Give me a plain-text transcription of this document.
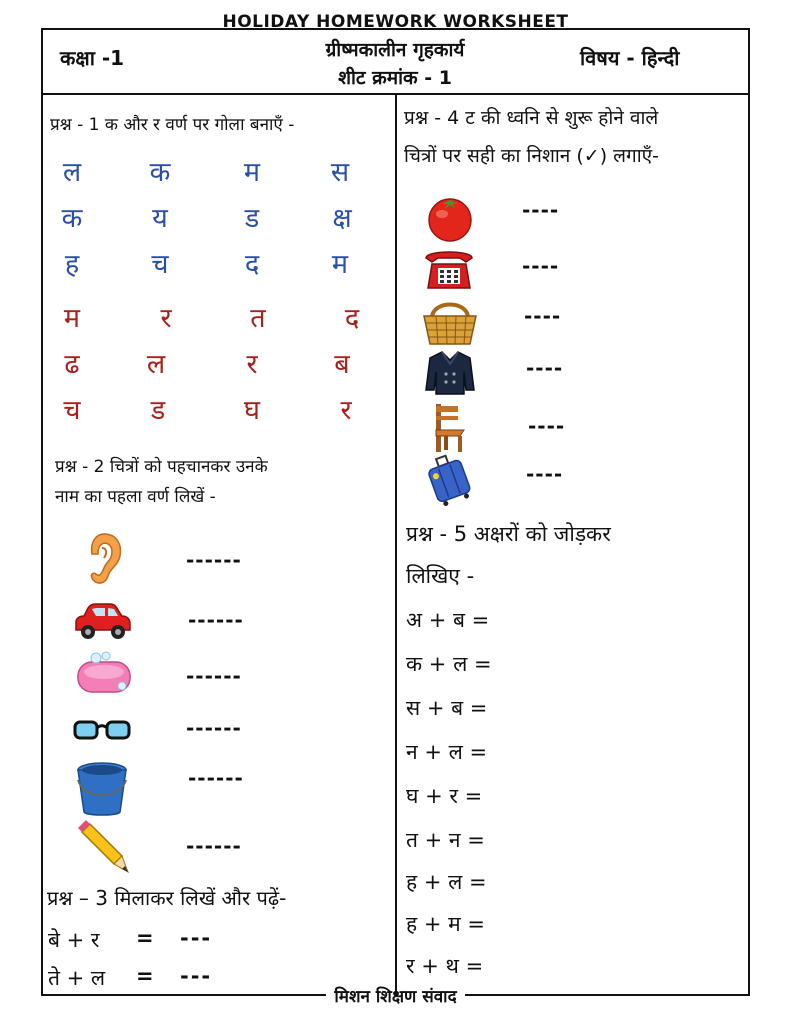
HOLIDAY HOMEWORK WORKSHEET
मिशन शिक्षण संवाद
कक्षा -1	ग्रीष्मकालीन गृहकार्य
शीट क्रमांक - 1
विषय - हिन्दी
प्रश्न - 1 क और र वर्ण पर गोला बनाएँ -
ल	क	म	स
क	य	ड	क्ष
ह	च	द	म
म	र	त	द
ढ	ल	र	ब
च	ड	घ	र
प्रश्न - 2 चित्रों को पहचानकर उनके
नाम का पहला वर्ण लिखें -
------
------
------
------
------
------
प्रश्न – 3 मिलाकर लिखें और पढ़ें-
बे + र = ---
ते + ल = ---
प्रश्न - 4 ट की ध्वनि से शुरू होने वाले
चित्रों पर सही का निशान (✓) लगाएँ-
----
----
----
----
----
----
प्रश्न - 5 अक्षरों को जोड़कर
लिखिए -
अ + ब =
क + ल =
स + ब =
न + ल =
घ + र =
त + न =
ह + ल =
ह + म =
र + थ =
